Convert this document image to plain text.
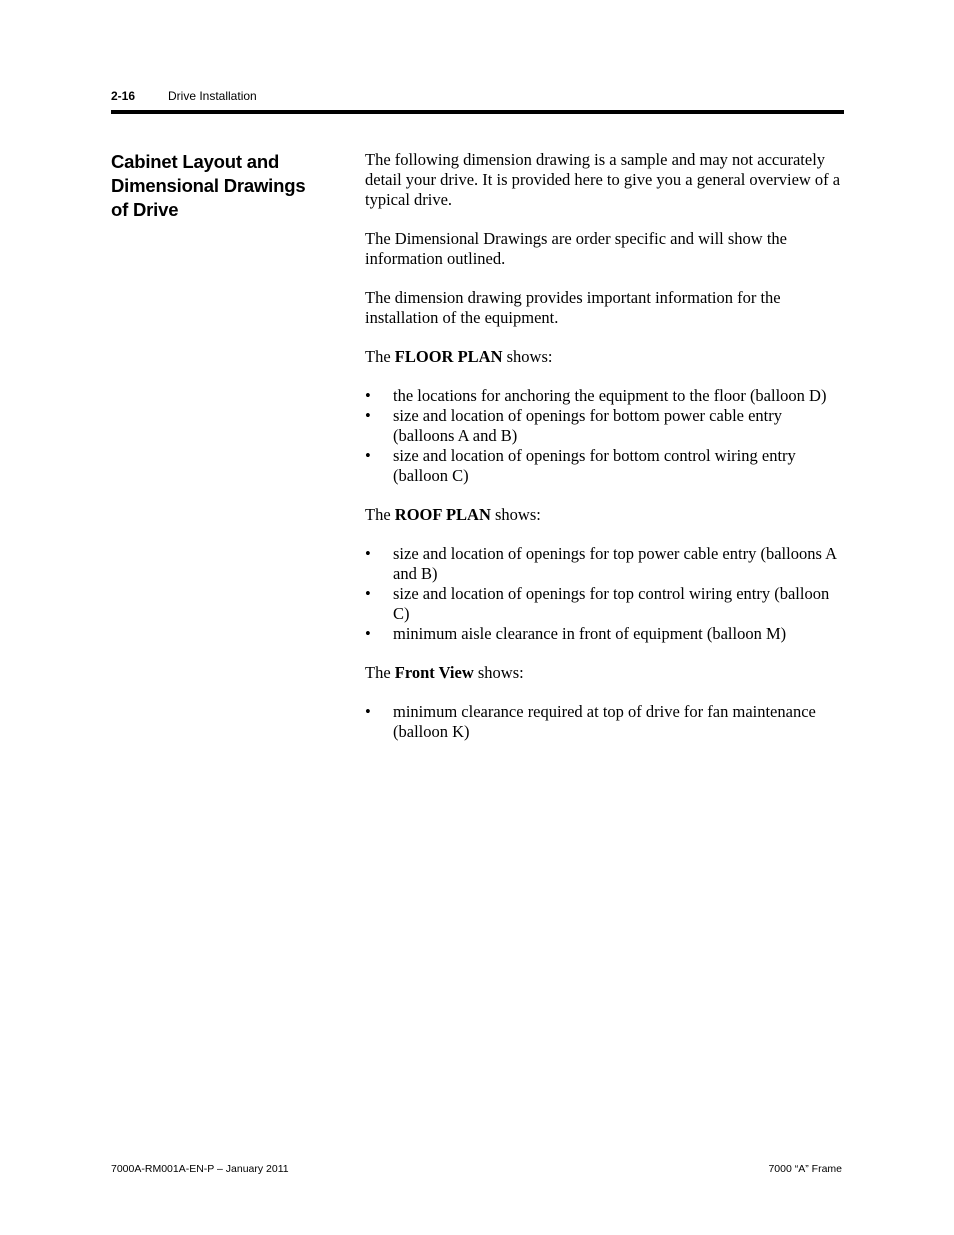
2-16	Drive Installation
Cabinet Layout and
Dimensional Drawings
of Drive

The following dimension drawing is a sample and may not accurately detail your drive. It is provided here to give you a general overview of a typical drive.

The Dimensional Drawings are order specific and will show the information outlined.

The dimension drawing provides important information for the installation of the equipment.

The FLOOR PLAN shows:

• the locations for anchoring the equipment to the floor (balloon D)
• size and location of openings for bottom power cable entry (balloons A and B)
• size and location of openings for bottom control wiring entry (balloon C)

The ROOF PLAN shows:

• size and location of openings for top power cable entry (balloons A and B)
• size and location of openings for top control wiring entry (balloon C)
• minimum aisle clearance in front of equipment (balloon M)

The Front View shows:

• minimum clearance required at top of drive for fan maintenance (balloon K)
7000A-RM001A-EN-P – January 2011	7000 “A” Frame
